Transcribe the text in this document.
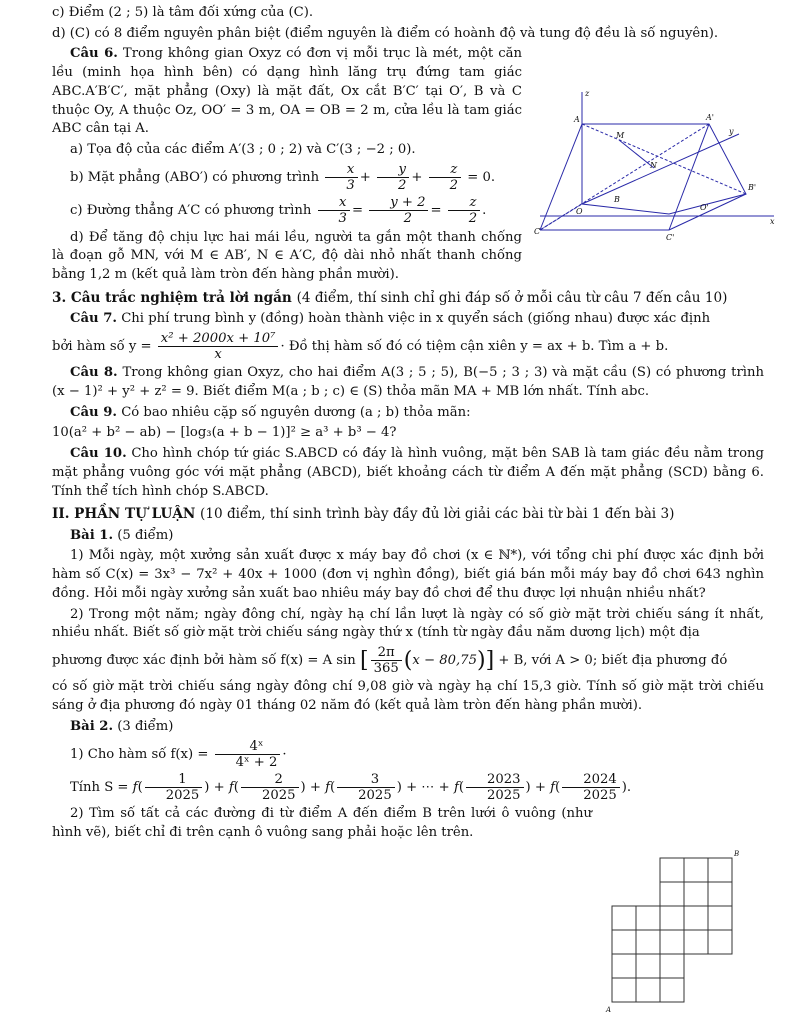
c) Điểm (2 ; 5) là tâm đối xứng của (C).

d) (C) có 8 điểm nguyên phân biệt (điểm nguyên là điểm có hoành độ và tung độ đều là số nguyên).

Câu 6. Trong không gian Oxyz có đơn vị mỗi trục là mét, một căn lều (minh họa hình bên) có dạng hình lăng trụ đứng tam giác ABC.A′B′C′, mặt phẳng (Oxy) là mặt đất, Ox cắt B′C′ tại O′, B và C thuộc Oy, A thuộc Oz, OO′ = 3 m, OA = OB = 2 m, cửa lều là tam giác ABC cân tại A.

a) Tọa độ của các điểm A′(3 ; 0 ; 2) và C′(3 ; −2 ; 0).

b) Mặt phẳng (ABO′) có phương trình $\frac{x}{3} + \frac{y}{2} + \frac{z}{2} = 0$.

c) Đường thẳng A′C có phương trình $\frac{x}{3} = \frac{y + 2}{2} = \frac{z}{2}$ .

d) Để tăng độ chịu lực hai mái lều, người ta gắn một thanh chống là đoạn gỗ MN, với M ∈ AB′, N ∈ A′C, độ dài nhỏ nhất thanh chống bằng 1,2 m (kết quả làm tròn đến hàng phần mười).

z
y
A	A'
M
N
B
B'
O	O'
C
C'
x

3. Câu trắc nghiệm trả lời ngắn (4 điểm, thí sinh chỉ ghi đáp số ở mỗi câu từ câu 7 đến câu 10)

Câu 7. Chi phí trung bình y (đồng) hoàn thành việc in x quyển sách (giống nhau) được xác định

bởi hàm số $y = \frac{\text{x² + 2000x + 10⁷}}{x}$ · Đồ thị hàm số đó có tiệm cận xiên y = ax + b. Tìm a + b.

Câu 8. Trong không gian Oxyz, cho hai điểm A(3 ; 5 ; 5), B(−5 ; 3 ; 3) và mặt cầu (S) có phương trình (x − 1)² + y² + z² = 9. Biết điểm M(a ; b ; c) ∈ (S) thỏa mãn MA + MB lớn nhất. Tính abc.

Câu 9. Có bao nhiêu cặp số nguyên dương (a ; b) thỏa mãn:

10(a² + b² − ab) − [log₃(a + b − 1)]² ≥ a³ + b³ − 4?

Câu 10. Cho hình chóp tứ giác S.ABCD có đáy là hình vuông, mặt bên SAB là tam giác đều nằm trong mặt phẳng vuông góc với mặt phẳng (ABCD), biết khoảng cách từ điểm A đến mặt phẳng (SCD) bằng 6. Tính thể tích hình chóp S.ABCD.

II. PHẦN TỰ LUẬN (10 điểm, thí sinh trình bày đầy đủ lời giải các bài từ bài 1 đến bài 3)

Bài 1. (5 điểm)

1) Mỗi ngày, một xưởng sản xuất được x máy bay đồ chơi (x ∈ ℕ*), với tổng chi phí được xác định bởi hàm số C(x) = 3x³ − 7x² + 40x + 1000 (đơn vị nghìn đồng), biết giá bán mỗi máy bay đồ chơi 643 nghìn đồng. Hỏi mỗi ngày xưởng sản xuất bao nhiêu máy bay đồ chơi để thu được lợi nhuận nhiều nhất?

2) Trong một năm; ngày đông chí, ngày hạ chí lần lượt là ngày có số giờ mặt trời chiếu sáng ít nhất, nhiều nhất. Biết số giờ mặt trời chiếu sáng ngày thứ x (tính từ ngày đầu năm dương lịch) một địa

phương được xác định bởi hàm số f(x) = A sin [ $\frac{2\pi}{365} (x - 80,75)] + B$, với A > 0; biết địa phương đó

có số giờ mặt trời chiếu sáng ngày đông chí 9,08 giờ và ngày hạ chí 15,3 giờ. Tính số giờ mặt trời chiếu sáng ở địa phương đó ngày 01 tháng 02 năm đó (kết quả làm tròn đến hàng phần mười).

Bài 2. (3 điểm)

1) Cho hàm số $f(x) = \frac{\text{4ˣ}}{\text{4ˣ + 2}}$ ·

Tính $S = f( \frac{1}{2025}$ ) + $f( \frac{2}{2025}$ ) + $f( \frac{3}{2025}$ ) + ⋯ + $f( \frac{2023}{2025}$ ) + $f( \frac{2024}{2025}$ ).

2) Tìm số tất cả các đường đi từ điểm A đến điểm B trên lưới ô vuông (như hình vẽ), biết chỉ đi trên cạnh ô vuông sang phải hoặc lên trên.

A
B
